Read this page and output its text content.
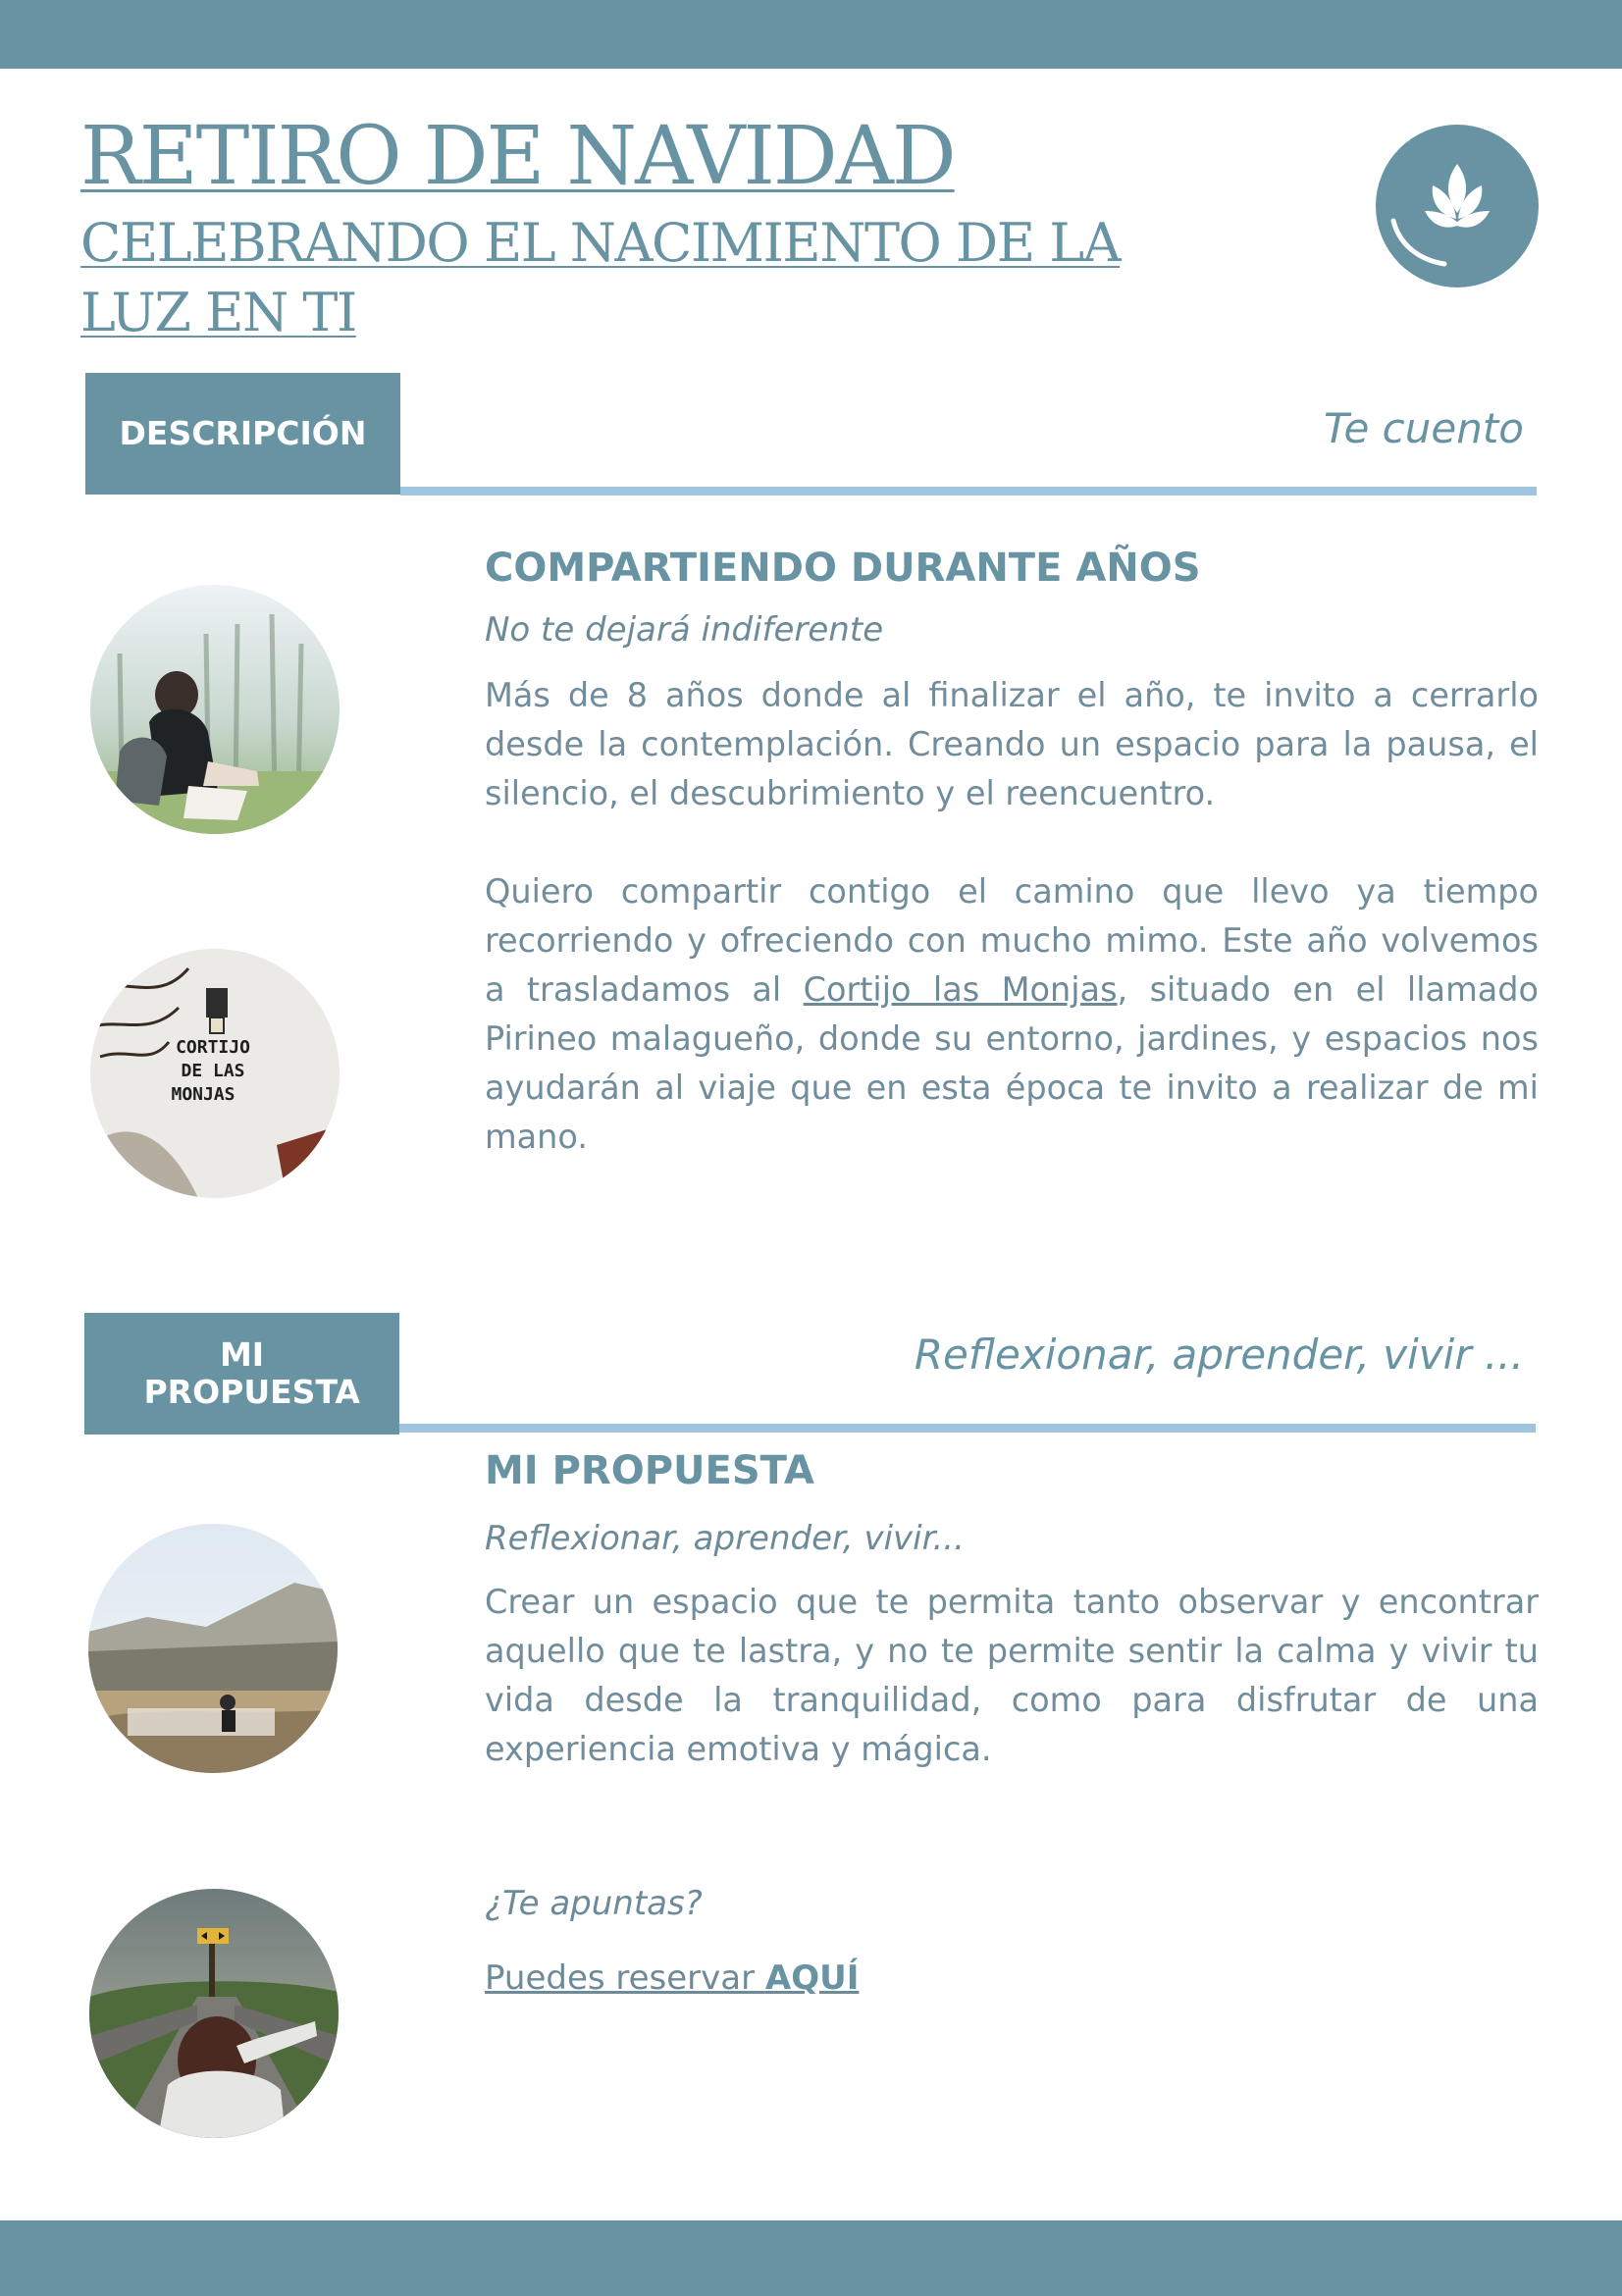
RETIRO DE NAVIDAD
CELEBRANDO EL NACIMIENTO DE LA LUZ EN TI
DESCRIPCIÓN	Te cuento
CORTIJO
DE LAS
MONJAS
COMPARTIENDO DURANTE AÑOS

No te dejará indiferente

Más de 8 años donde al finalizar el año, te invito a cerrarlo desde la contemplación. Creando un espacio para la pausa, el silencio, el descubrimiento y el reencuentro.

Quiero compartir contigo el camino que llevo ya tiempo recorriendo y ofreciendo con mucho mimo. Este año volvemos a trasladamos al Cortijo las Monjas, situado en el llamado Pirineo malagueño, donde su entorno, jardines, y espacios nos ayudarán al viaje que en esta época te invito a realizar de mi mano.

MI PROPUESTA
Reflexionar, aprender, vivir ...
MI PROPUESTA

Reflexionar, aprender, vivir...

Crear un espacio que te permita tanto observar y encontrar aquello que te lastra, y no te permite sentir la calma y vivir tu vida desde la tranquilidad, como para disfrutar de una experiencia emotiva y mágica.

¿Te apuntas?

Puedes reservar AQUÍ
